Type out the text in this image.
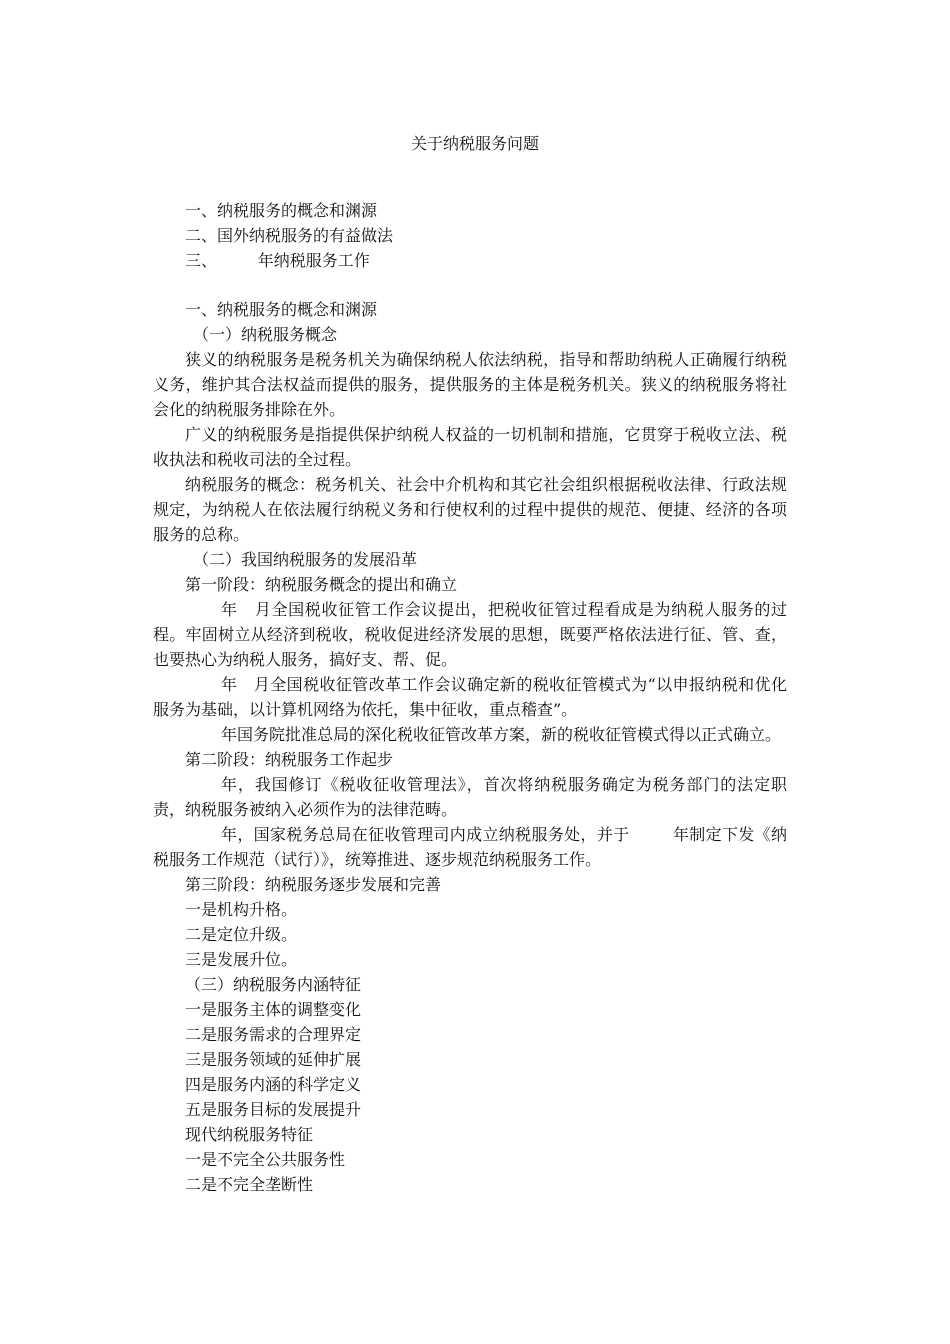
关于纳税服务问题

一、纳税服务的概念和渊源

二、国外纳税服务的有益做法

三、        年纳税服务工作

一、纳税服务的概念和渊源

（一）纳税服务概念

狭义的纳税服务是税务机关为确保纳税人依法纳税，指导和帮助纳税人正确履行纳税义务，维护其合法权益而提供的服务，提供服务的主体是税务机关。狭义的纳税服务将社会化的纳税服务排除在外。

广义的纳税服务是指提供保护纳税人权益的一切机制和措施，它贯穿于税收立法、税收执法和税收司法的全过程。

纳税服务的概念：税务机关、社会中介机构和其它社会组织根据税收法律、行政法规规定，为纳税人在依法履行纳税义务和行使权利的过程中提供的规范、便捷、经济的各项服务的总称。

（二）我国纳税服务的发展沿革

第一阶段：纳税服务概念的提出和确立

年   月全国税收征管工作会议提出，把税收征管过程看成是为纳税人服务的过程。牢固树立从经济到税收，税收促进经济发展的思想，既要严格依法进行征、管、查，也要热心为纳税人服务，搞好支、帮、促。

年   月全国税收征管改革工作会议确定新的税收征管模式为“以申报纳税和优化服务为基础，以计算机网络为依托，集中征收，重点稽查”。

年国务院批准总局的深化税收征管改革方案，新的税收征管模式得以正式确立。

第二阶段：纳税服务工作起步

年，我国修订《税收征收管理法》，首次将纳税服务确定为税务部门的法定职责，纳税服务被纳入必须作为的法律范畴。

年，国家税务总局在征收管理司内成立纳税服务处，并于        年制定下发《纳税服务工作规范（试行）》，统筹推进、逐步规范纳税服务工作。

第三阶段：纳税服务逐步发展和完善

一是机构升格。

二是定位升级。

三是发展升位。

（三）纳税服务内涵特征

一是服务主体的调整变化

二是服务需求的合理界定

三是服务领域的延伸扩展

四是服务内涵的科学定义

五是服务目标的发展提升

现代纳税服务特征

一是不完全公共服务性

二是不完全垄断性
